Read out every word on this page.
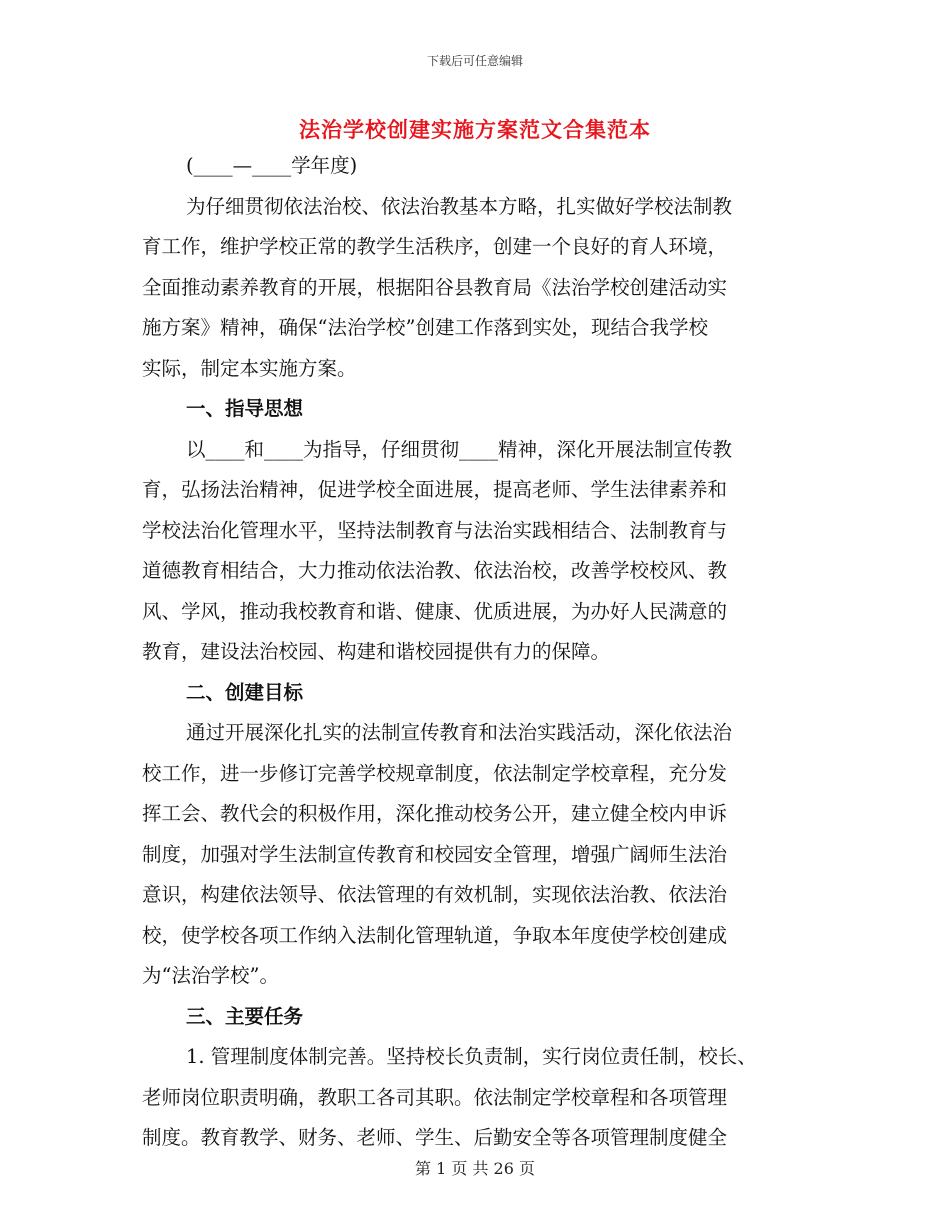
下载后可任意编辑
法治学校创建实施方案范文合集范本
(____—____学年度)
为仔细贯彻依法治校、依法治教基本方略，扎实做好学校法制教
育工作，维护学校正常的教学生活秩序，创建一个良好的育人环境，
全面推动素养教育的开展，根据阳谷县教育局《法治学校创建活动实
施方案》精神，确保“法治学校”创建工作落到实处，现结合我学校
实际，制定本实施方案。
一、指导思想
以____和____为指导，仔细贯彻____精神，深化开展法制宣传教
育，弘扬法治精神，促进学校全面进展，提高老师、学生法律素养和
学校法治化管理水平，坚持法制教育与法治实践相结合、法制教育与
道德教育相结合，大力推动依法治教、依法治校，改善学校校风、教
风、学风，推动我校教育和谐、健康、优质进展，为办好人民满意的
教育，建设法治校园、构建和谐校园提供有力的保障。
二、创建目标
通过开展深化扎实的法制宣传教育和法治实践活动，深化依法治
校工作，进一步修订完善学校规章制度，依法制定学校章程，充分发
挥工会、教代会的积极作用，深化推动校务公开，建立健全校内申诉
制度，加强对学生法制宣传教育和校园安全管理，增强广阔师生法治
意识，构建依法领导、依法管理的有效机制，实现依法治教、依法治
校，使学校各项工作纳入法制化管理轨道，争取本年度使学校创建成
为“法治学校”。
三、主要任务
1. 管理制度体制完善。坚持校长负责制，实行岗位责任制，校长、
老师岗位职责明确，教职工各司其职。依法制定学校章程和各项管理
制度。教育教学、财务、老师、学生、后勤安全等各项管理制度健全
第 1 页 共 26 页
